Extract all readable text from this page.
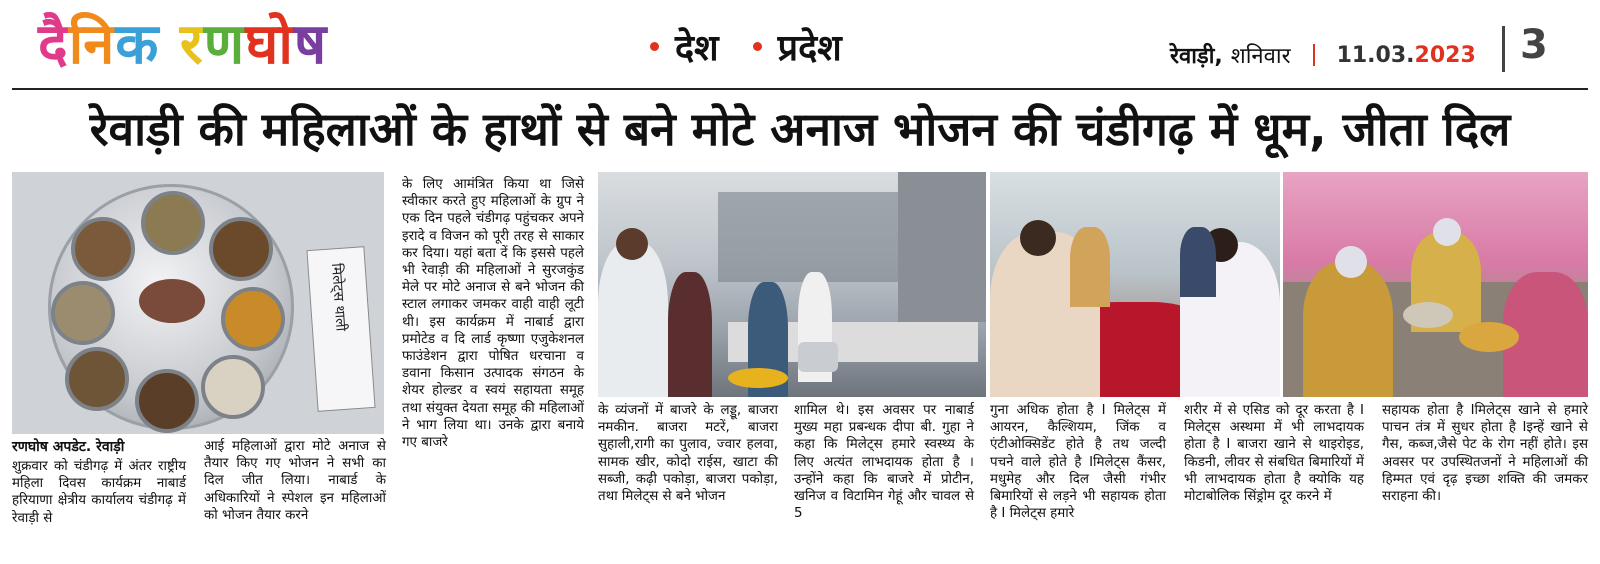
दै नि क
र ण घो ष	देश प्रदेश	रेवाड़ी, शनिवार 11.03.2023 3
रेवाड़ी की महिलाओं के हाथों से बने मोटे अनाज भोजन की चंडीगढ़ में धूम, जीता दिल
मिलेट्स थाली
रणघोष अपडेट. रेवाड़ी
शुक्रवार को चंडीगढ़ में अंतर राष्ट्रीय महिला दिवस कार्यक्रम नाबार्ड हरियाणा क्षेत्रीय कार्यालय चंडीगढ़ में रेवाड़ी से
आई महिलाओं द्वारा मोटे अनाज से तैयार किए गए भोजन ने सभी का दिल जीत लिया। नाबार्ड के अधिकारियों ने स्पेशल इन महिलाओं को भोजन तैयार करने
के लिए आमंत्रित किया था जिसे स्वीकार करते हुए महिलाओं के ग्रुप ने एक दिन पहले चंडीगढ़ पहुंचकर अपने इरादे व विजन को पूरी तरह से साकार कर दिया। यहां बता दें कि इससे पहले भी रेवाड़ी की महिलाओं ने सुरजकुंड मेले पर मोटे अनाज से बने भोजन की स्टाल लगाकर जमकर वाही वाही लूटी थी। इस कार्यक्रम में नाबार्ड द्वारा प्रमोटेड व दि लार्ड कृष्णा एजुकेशनल फाउंडेशन द्वारा पोषित धरचाना व डवाना किसान उत्पादक संगठन के शेयर होल्डर व स्वयं सहायता समूह तथा संयुक्त देयता समूह की महिलाओं ने भाग लिया था। उनके द्वारा बनाये गए बाजरे
के व्यंजनों में बाजरे के लड्डू, बाजरा नमकीन. बाजरा मटरें, बाजरा सुहाली,रागी का पुलाव, ज्वार हलवा, सामक खीर, कोदो राईस, खाटा की सब्जी, कढ़ी पकोड़ा, बाजरा पकोड़ा, तथा मिलेट्स से बने भोजन
शामिल थे। इस अवसर पर नाबार्ड मुख्य महा प्रबन्धक दीपा बी. गुहा ने कहा कि मिलेट्स हमारे स्वस्थ्य के लिए अत्यंत लाभदायक होता है । उन्होंने कहा कि बाजरे में प्रोटीन, खनिज व विटामिन गेहूं और चावल से 5
गुना अधिक होता है I मिलेट्स में आयरन, कैल्शियम, जिंक व एंटीओक्सिडेंट होते है तथ जल्दी पचने वाले होते है Iमिलेट्स कैंसर, मधुमेह और दिल जैसी गंभीर बिमारियों से लड़ने भी सहायक होता है I मिलेट्स हमारे
शरीर में से एसिड को दूर करता है I मिलेट्स अस्थमा में भी लाभदायक होता है I बाजरा खाने से थाइरोइड, किडनी, लीवर से संबधित बिमारियों में भी लाभदायक होता है क्योकि यह मोटाबोलिक सिंड्रोम दूर करने में
सहायक होता है Iमिलेट्स खाने से हमारे पाचन तंत्र में सुधर होता है Iइन्हें खाने से गैस, कब्ज,जैसे पेट के रोग नहीं होते। इस अवसर पर उपस्थितजनों ने महिलाओं की हिम्मत एवं दृढ़ इच्छा शक्ति की जमकर सराहना की।
